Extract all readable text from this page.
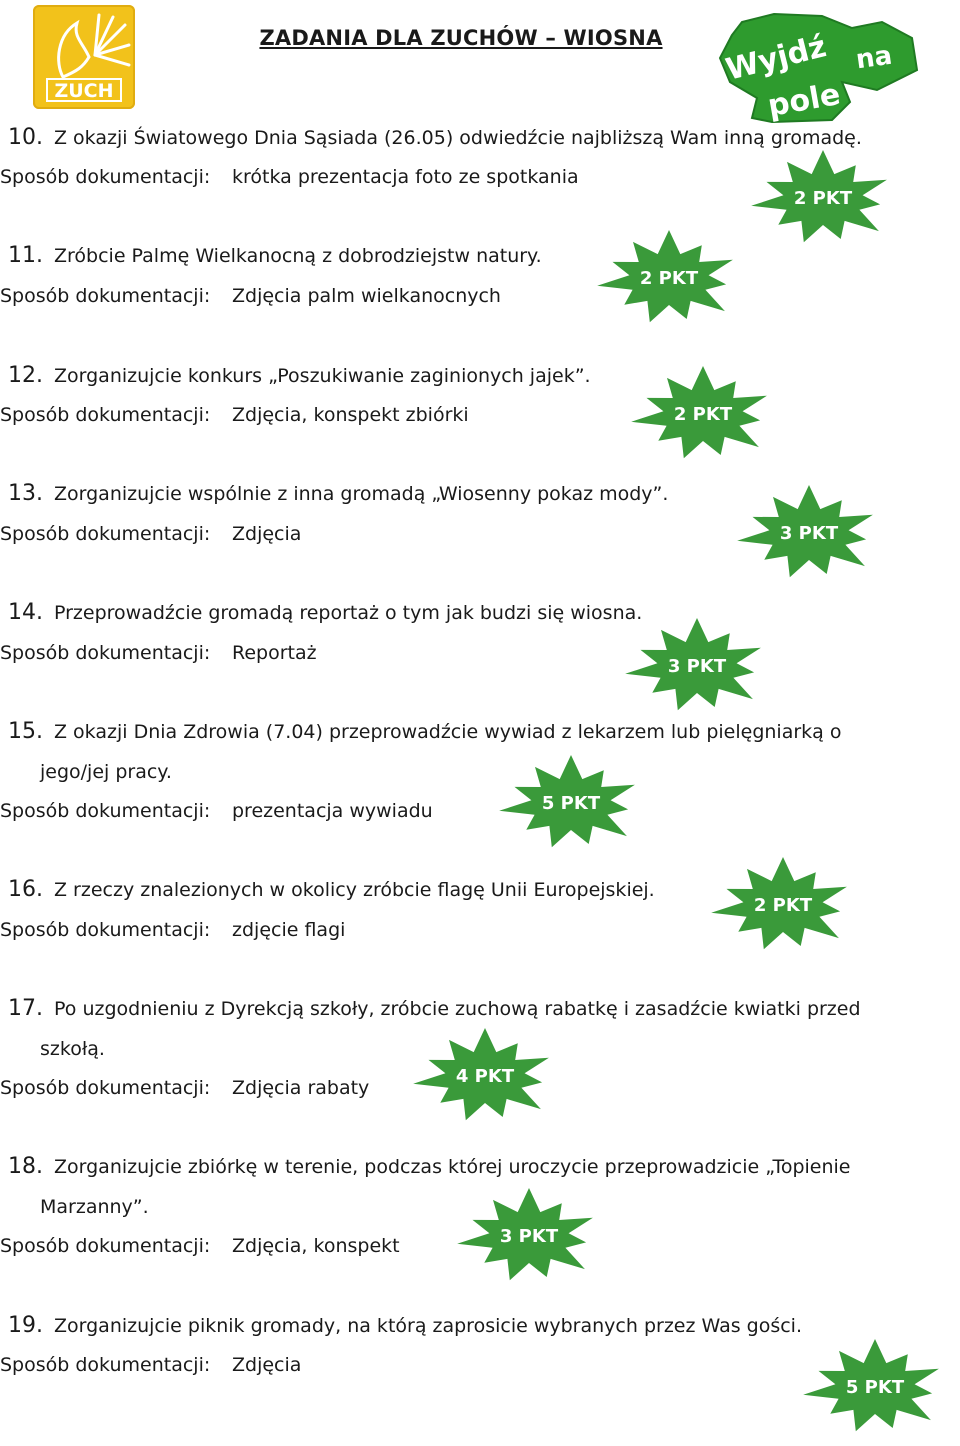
ZUCH
ZADANIA DLA ZUCHÓW – WIOSNA	Wyjdź na
pole
10. Z okazji Światowego Dnia Sąsiada (26.05) odwiedźcie najbliższą Wam inną gromadę.
Sposób dokumentacji: krótka prezentacja foto ze spotkania
2 PKT
11. Zróbcie Palmę Wielkanocną z dobrodziejstw natury.
Sposób dokumentacji: Zdjęcia palm wielkanocnych
2 PKT
12. Zorganizujcie konkurs „Poszukiwanie zaginionych jajek”.
Sposób dokumentacji: Zdjęcia, konspekt zbiórki	2 PKT
13. Zorganizujcie wspólnie z inna gromadą „Wiosenny pokaz mody”.
Sposób dokumentacji: Zdjęcia	3 PKT
14. Przeprowadźcie gromadą reportaż o tym jak budzi się wiosna.
Sposób dokumentacji: Reportaż
3 PKT
15. Z okazji Dnia Zdrowia (7.04) przeprowadźcie wywiad z lekarzem lub pielęgniarką o
jego/jej pracy.
Sposób dokumentacji: prezentacja wywiadu	5 PKT
16. Z rzeczy znalezionych w okolicy zróbcie flagę Unii Europejskiej.
Sposób dokumentacji: zdjęcie flagi
2 PKT
17. Po uzgodnieniu z Dyrekcją szkoły, zróbcie zuchową rabatkę i zasadźcie kwiatki przed
szkołą.
Sposób dokumentacji: Zdjęcia rabaty
4 PKT
18. Zorganizujcie zbiórkę w terenie, podczas której uroczycie przeprowadzicie „Topienie
Marzanny”.
3 PKT
Sposób dokumentacji: Zdjęcia, konspekt
19. Zorganizujcie piknik gromady, na którą zaprosicie wybranych przez Was gości.
Sposób dokumentacji: Zdjęcia
5 PKT
